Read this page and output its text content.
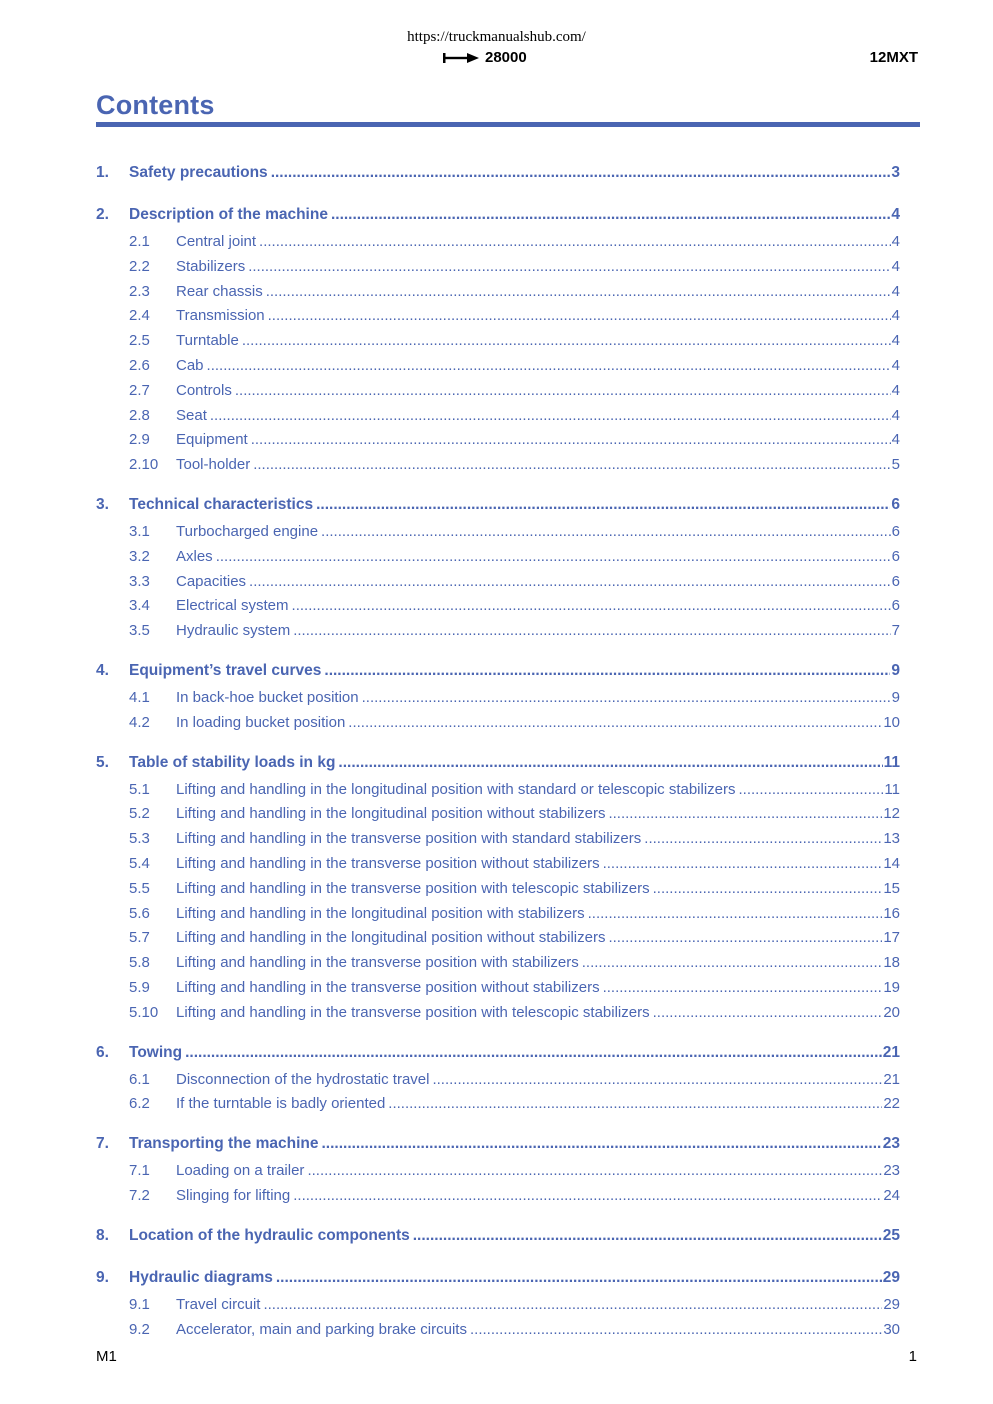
https://truckmanualshub.com/
28000	12MXT
Contents
1.	Safety precautions .....	3
2.	Description of the machine .....	4
2.1	Central joint .....	4
2.2	Stabilizers .....	4
2.3	Rear chassis .....	4
2.4	Transmission .....	4
2.5	Turntable .....	4
2.6	Cab .....	4
2.7	Controls .....	4
2.8	Seat .....	4
2.9	Equipment .....	4
2.10	Tool-holder .....	5
3.	Technical characteristics .....	6
3.1	Turbocharged engine .....	6
3.2	Axles .....	6
3.3	Capacities .....	6
3.4	Electrical system .....	6
3.5	Hydraulic system .....	7
4.	Equipment’s travel curves .....	9
4.1	In back-hoe bucket position .....	9
4.2	In loading bucket position .....	10
5.	Table of stability loads in kg .....	11
5.1	Lifting and handling in the longitudinal position with standard or telescopic stabilizers .....	11
5.2	Lifting and handling in the longitudinal position without stabilizers .....	12
5.3	Lifting and handling in the transverse position with standard stabilizers .....	13
5.4	Lifting and handling in the transverse position without stabilizers .....	14
5.5	Lifting and handling in the transverse position with telescopic stabilizers .....	15
5.6	Lifting and handling in the longitudinal position with stabilizers .....	16
5.7	Lifting and handling in the longitudinal position without stabilizers .....	17
5.8	Lifting and handling in the transverse position with stabilizers .....	18
5.9	Lifting and handling in the transverse position without stabilizers .....	19
5.10	Lifting and handling in the transverse position with telescopic stabilizers .....	20
6.	Towing .....	21
6.1	Disconnection of the hydrostatic travel .....	21
6.2	If the turntable is badly oriented .....	22
7.	Transporting the machine .....	23
7.1	Loading on a trailer .....	23
7.2	Slinging for lifting .....	24
8.	Location of the hydraulic components .....	25
9.	Hydraulic diagrams .....	29
9.1	Travel circuit .....	29
9.2	Accelerator, main and parking brake circuits .....	30
M1	1
